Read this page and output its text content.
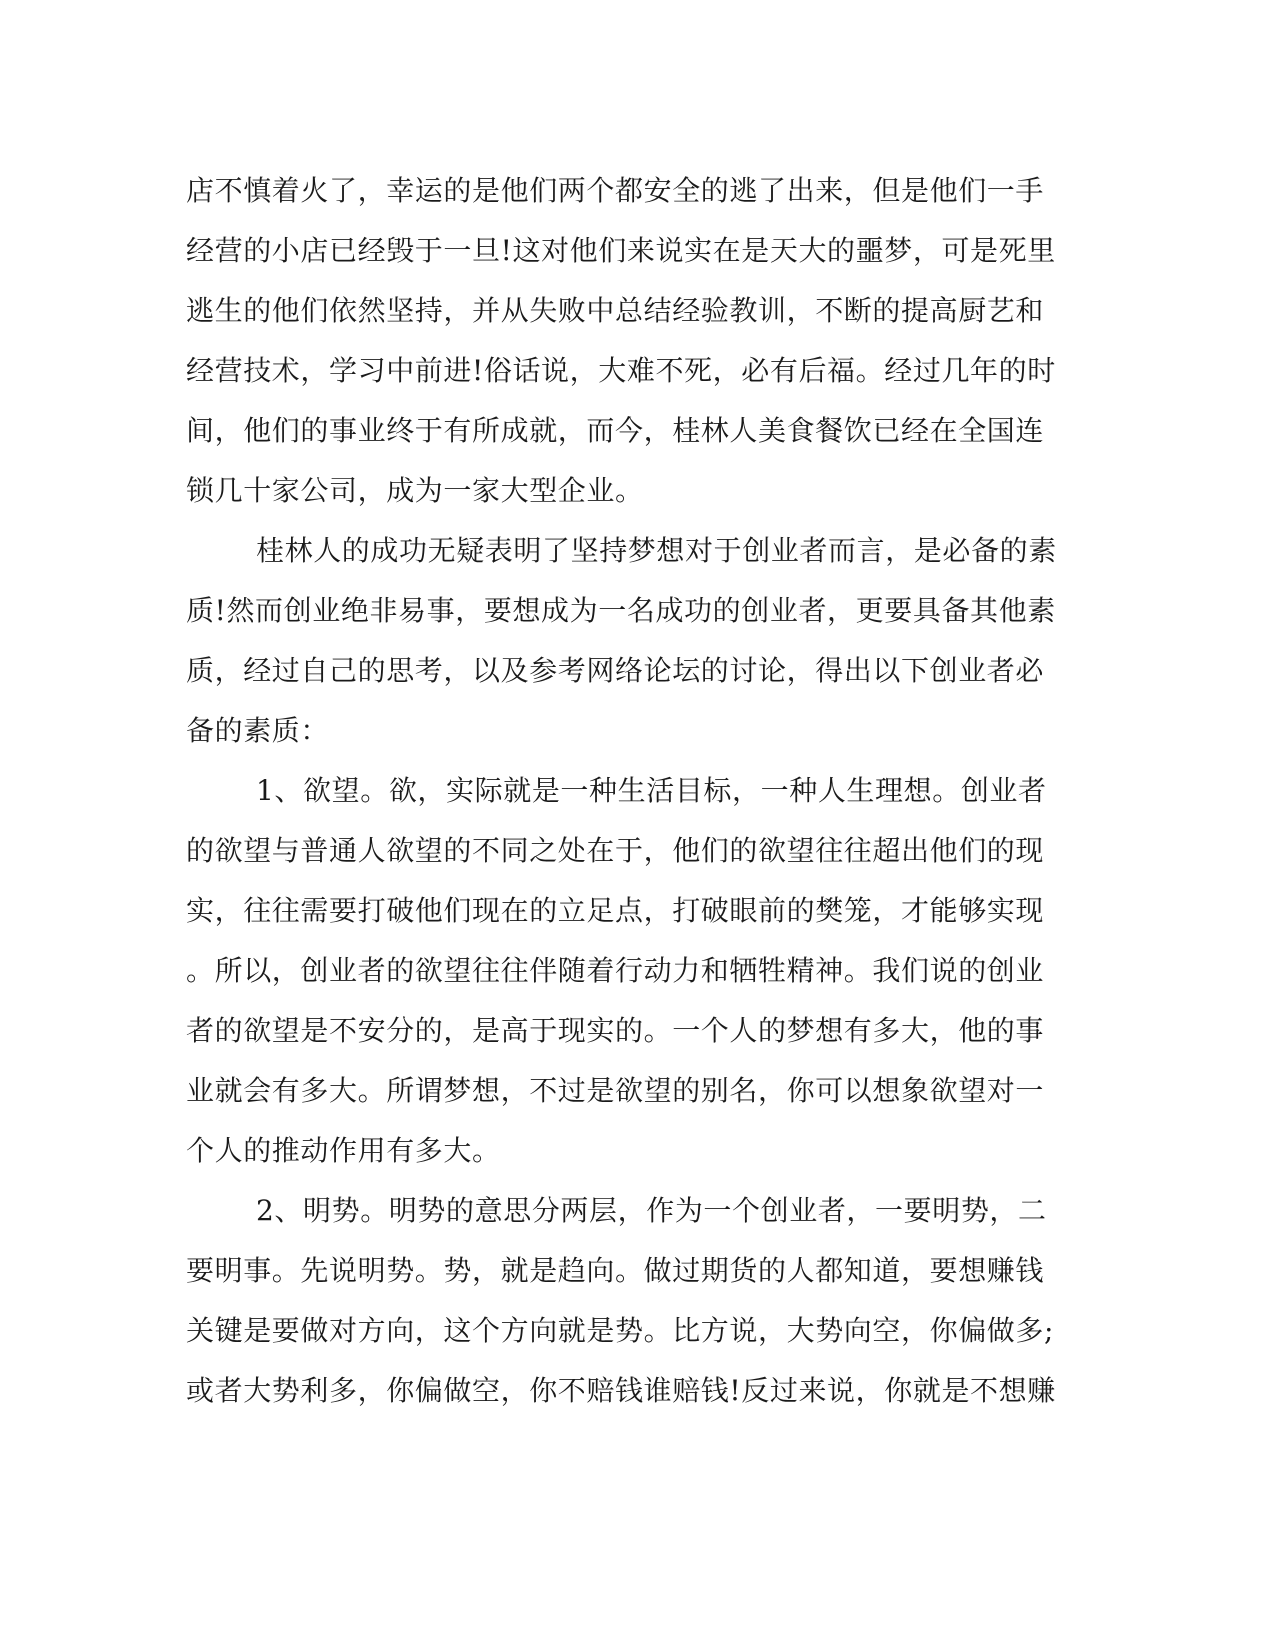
店不慎着火了，幸运的是他们两个都安全的逃了出来，但是他们一手
经营的小店已经毁于一旦!这对他们来说实在是天大的噩梦，可是死里
逃生的他们依然坚持，并从失败中总结经验教训，不断的提高厨艺和
经营技术，学习中前进!俗话说，大难不死，必有后福。经过几年的时
间，他们的事业终于有所成就，而今，桂林人美食餐饮已经在全国连
锁几十家公司，成为一家大型企业。
桂林人的成功无疑表明了坚持梦想对于创业者而言，是必备的素
质!然而创业绝非易事，要想成为一名成功的创业者，更要具备其他素
质，经过自己的思考，以及参考网络论坛的讨论，得出以下创业者必
备的素质：
1、欲望。欲，实际就是一种生活目标，一种人生理想。创业者
的欲望与普通人欲望的不同之处在于，他们的欲望往往超出他们的现
实，往往需要打破他们现在的立足点，打破眼前的樊笼，才能够实现
。所以，创业者的欲望往往伴随着行动力和牺牲精神。我们说的创业
者的欲望是不安分的，是高于现实的。一个人的梦想有多大，他的事
业就会有多大。所谓梦想，不过是欲望的别名，你可以想象欲望对一
个人的推动作用有多大。
2、明势。明势的意思分两层，作为一个创业者，一要明势，二
要明事。先说明势。势，就是趋向。做过期货的人都知道，要想赚钱
关键是要做对方向，这个方向就是势。比方说，大势向空，你偏做多;
或者大势利多，你偏做空，你不赔钱谁赔钱!反过来说，你就是不想赚
